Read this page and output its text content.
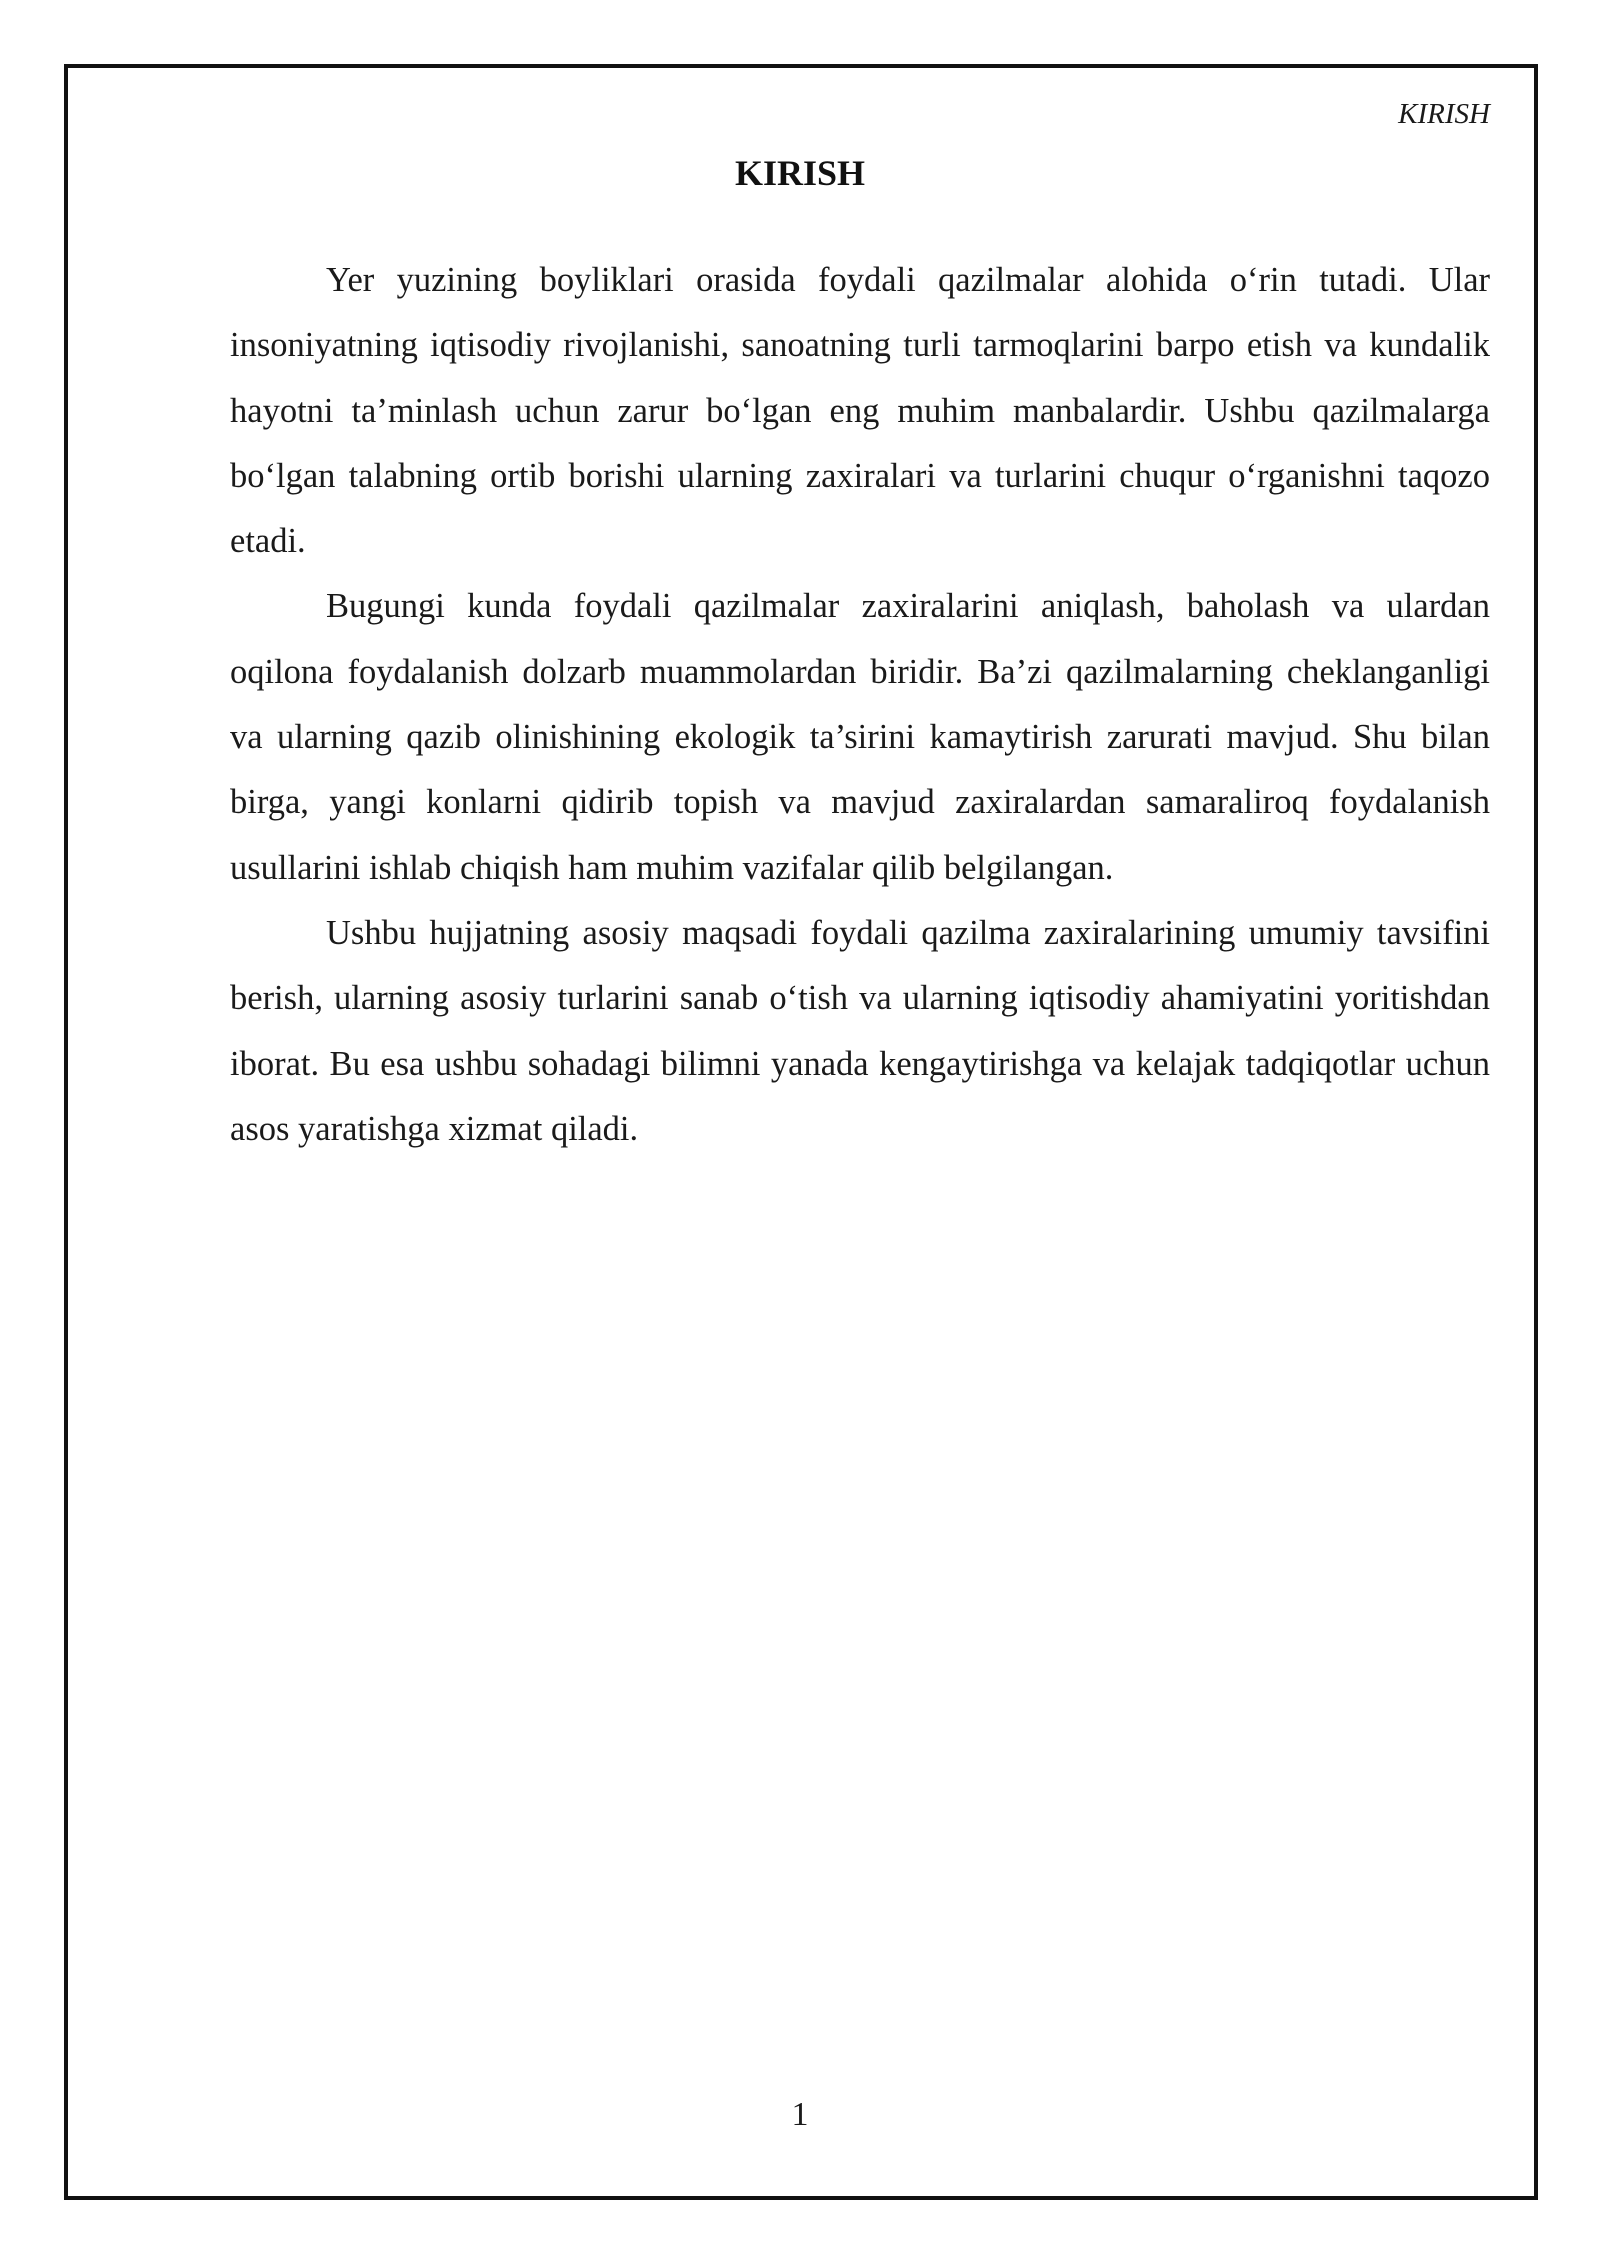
KIRISH
KIRISH

Yer yuzining boyliklari orasida foydali qazilmalar alohida o‘rin tutadi. Ular insoniyatning iqtisodiy rivojlanishi, sanoatning turli tarmoqlarini barpo etish va kundalik hayotni ta’minlash uchun zarur bo‘lgan eng muhim manbalardir. Ushbu qazilmalarga bo‘lgan talabning ortib borishi ularning zaxiralari va turlarini chuqur o‘rganishni taqozo etadi.

Bugungi kunda foydali qazilmalar zaxiralarini aniqlash, baholash va ulardan oqilona foydalanish dolzarb muammolardan biridir. Ba’zi qazilmalarning cheklanganligi va ularning qazib olinishining ekologik ta’sirini kamaytirish zarurati mavjud. Shu bilan birga, yangi konlarni qidirib topish va mavjud zaxiralardan samaraliroq foydalanish usullarini ishlab chiqish ham muhim vazifalar qilib belgilangan.

Ushbu hujjatning asosiy maqsadi foydali qazilma zaxiralarining umumiy tavsifini berish, ularning asosiy turlarini sanab o‘tish va ularning iqtisodiy ahamiyatini yoritishdan iborat. Bu esa ushbu sohadagi bilimni yanada kengaytirishga va kelajak tadqiqotlar uchun asos yaratishga xizmat qiladi.

1
